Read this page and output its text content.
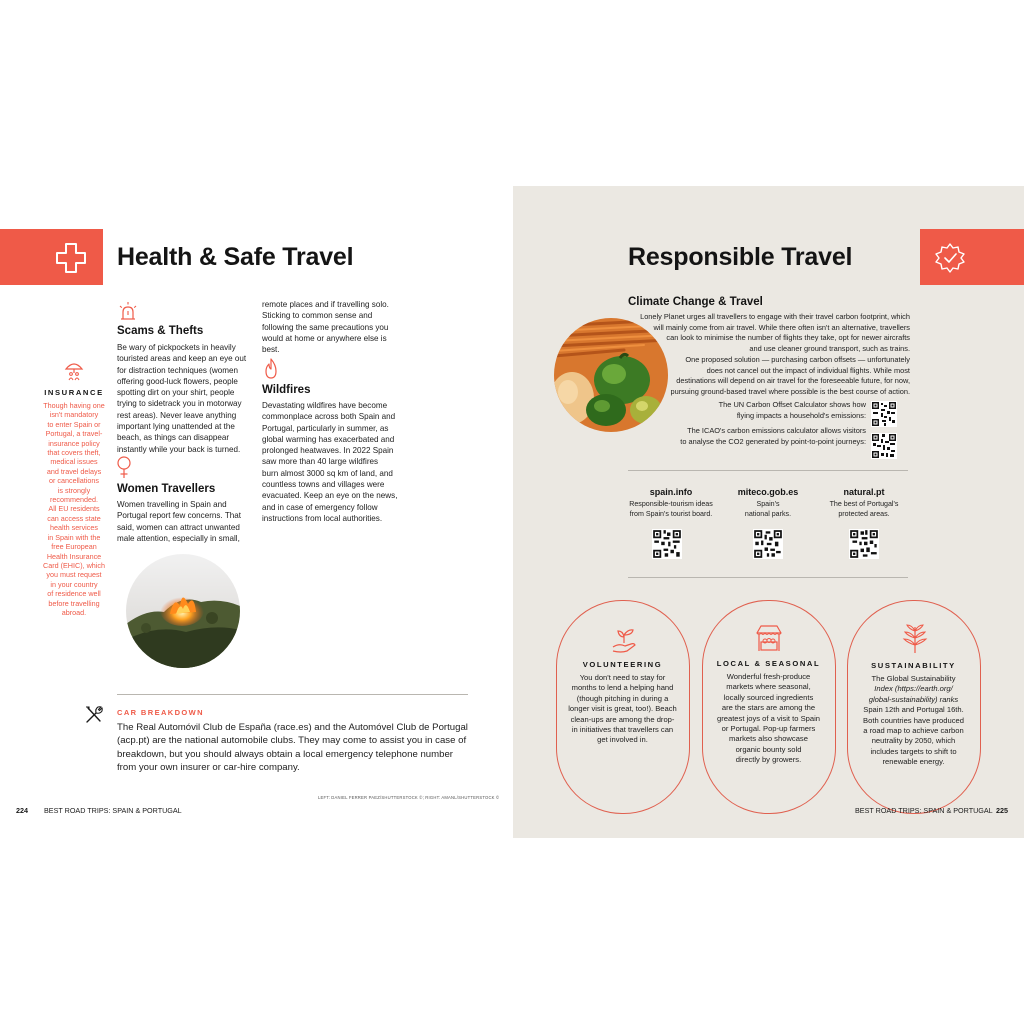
Health & Safe Travel	Responsible Travel
INSURANCE
Though having one
isn't mandatory
to enter Spain or
Portugal, a travel-
insurance policy
that covers theft,
medical issues
and travel delays
or cancellations
is strongly
recommended.
All EU residents
can access state
health services
in Spain with the
free European
Health Insurance
Card (EHIC), which
you must request
in your country
of residence well
before travelling
abroad.
Scams & Thefts
Be wary of pickpockets in heavily
touristed areas and keep an eye out
for distraction techniques (women
offering good-luck flowers, people
spotting dirt on your shirt, people
trying to sidetrack you in motorway
rest areas). Never leave anything
important lying unattended at the
beach, as things can disappear
instantly while your back is turned.
Women Travellers
Women travelling in Spain and
Portugal report few concerns. That
said, women can attract unwanted
male attention, especially in small,
remote places and if travelling solo.
Sticking to common sense and
following the same precautions you
would at home or anywhere else is
best.
Wildfires
Devastating wildfires have become
commonplace across both Spain and
Portugal, particularly in summer, as
global warming has exacerbated and
prolonged heatwaves. In 2022 Spain
saw more than 40 large wildfires
burn almost 3000 sq km of land, and
countless towns and villages were
evacuated. Keep an eye on the news,
and in case of emergency follow
instructions from local authorities.
CAR BREAKDOWN
The Real Automóvil Club de España (race.es) and the Automóvel Club de Portugal
(acp.pt) are the national automobile clubs. They may come to assist you in case of
breakdown, but you should always obtain a local emergency telephone number
from your own insurer or car-hire company.
LEFT: DANIEL FERRER PAEZ/SHUTTERSTOCK ©; RIGHT: AMANL/SHUTTERSTOCK ©
224 BEST ROAD TRIPS: SPAIN & PORTUGAL
Climate Change & Travel
Lonely Planet urges all travellers to engage with their travel carbon footprint, which
will mainly come from air travel. While there often isn't an alternative, travellers
can look to minimise the number of flights they take, opt for newer aircrafts
and use cleaner ground transport, such as trains.
One proposed solution — purchasing carbon offsets — unfortunately
does not cancel out the impact of individual flights. While most
destinations will depend on air travel for the foreseeable future, for now,
pursuing ground-based travel where possible is the best course of action.
The UN Carbon Offset Calculator shows how
flying impacts a household's emissions:
The ICAO's carbon emissions calculator allows visitors
to analyse the CO2 generated by point-to-point journeys:
spain.info
Responsible-tourism ideas
from Spain's tourist board.
miteco.gob.es
Spain's
national parks.
natural.pt
The best of Portugal's
protected areas.
VOLUNTEERING
You don't need to stay for
months to lend a helping hand
(though pitching in during a
longer visit is great, too!). Beach
clean-ups are among the drop-
in initiatives that travellers can
get involved in.
LOCAL & SEASONAL
Wonderful fresh-produce
markets where seasonal,
locally sourced ingredients
are the stars are among the
greatest joys of a visit to Spain
or Portugal. Pop-up farmers
markets also showcase
organic bounty sold
directly by growers.
SUSTAINABILITY
The Global Sustainability
Index (https://earth.org/
global-sustainability) ranks
Spain 12th and Portugal 16th.
Both countries have produced
a road map to achieve carbon
neutrality by 2050, which
includes targets to shift to
renewable energy.
BEST ROAD TRIPS: SPAIN & PORTUGAL 225
